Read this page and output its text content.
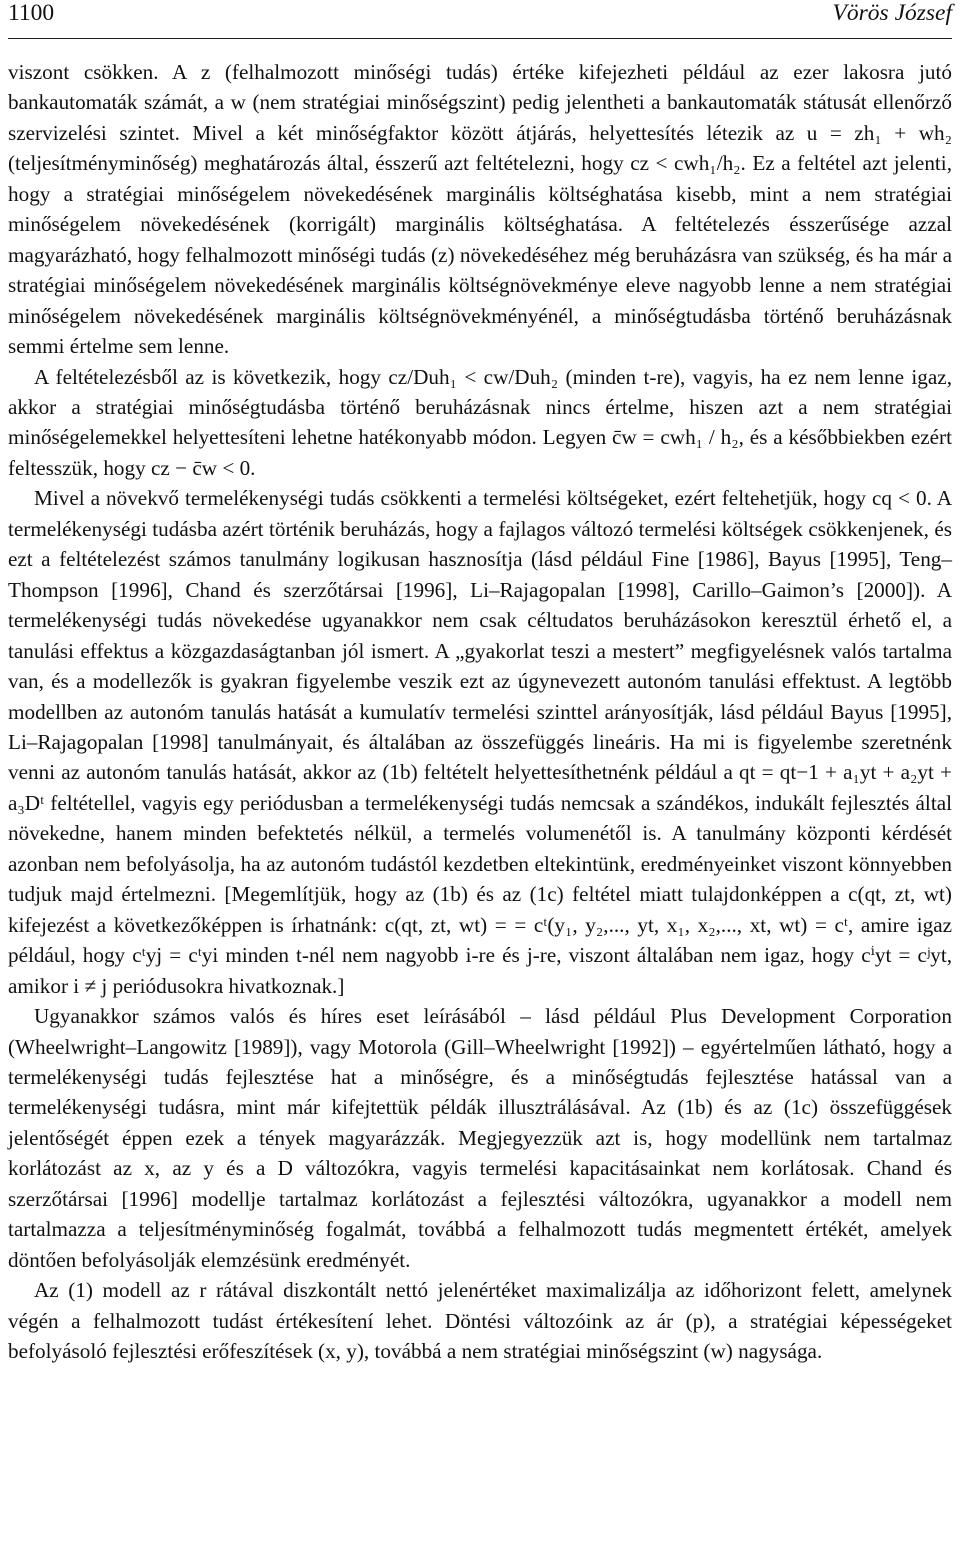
1100	Vörös József

viszont csökken. A z (felhalmozott minőségi tudás) értéke kifejezheti például az ezer lakosra jutó bankautomaták számát, a w (nem stratégiai minőségszint) pedig jelentheti a bankautomaták státusát ellenőrző szervizelési szintet. Mivel a két minőségfaktor között átjárás, helyettesítés létezik az u = zh₁ + wh₂ (teljesítményminőség) meghatározás által, ésszerű azt feltételezni, hogy cz < cwh₁/h₂. Ez a feltétel azt jelenti, hogy a stratégiai minőségelem növekedésének marginális költséghatása kisebb, mint a nem stratégiai minőségelem növekedésének (korrigált) marginális költséghatása. A feltételezés ésszerűsége azzal magyarázható, hogy felhalmozott minőségi tudás (z) növekedéséhez még beruházásra van szükség, és ha már a stratégiai minőségelem növekedésének marginális költségnövekménye eleve nagyobb lenne a nem stratégiai minőségelem növekedésének marginális költségnövekményénél, a minőségtudásba történő beruházásnak semmi értelme sem lenne.

A feltételezésből az is következik, hogy cz/Duh₁ < cw/Duh₂ (minden t-re), vagyis, ha ez nem lenne igaz, akkor a stratégiai minőségtudásba történő beruházásnak nincs értelme, hiszen azt a nem stratégiai minőségelemekkel helyettesíteni lehetne hatékonyabb módon. Legyen c̄w = cwh₁ / h₂, és a későbbiekben ezért feltesszük, hogy cz − c̄w < 0.

Mivel a növekvő termelékenységi tudás csökkenti a termelési költségeket, ezért feltehetjük, hogy cq < 0. A termelékenységi tudásba azért történik beruházás, hogy a fajlagos változó termelési költségek csökkenjenek, és ezt a feltételezést számos tanulmány logikusan hasznosítja (lásd például Fine [1986], Bayus [1995], Teng–Thompson [1996], Chand és szerzőtársai [1996], Li–Rajagopalan [1998], Carillo–Gaimon’s [2000]). A termelékenységi tudás növekedése ugyanakkor nem csak céltudatos beruházásokon keresztül érhető el, a tanulási effektus a közgazdaságtanban jól ismert. A „gyakorlat teszi a mestert” megfigyelésnek valós tartalma van, és a modellezők is gyakran figyelembe veszik ezt az úgynevezett autonóm tanulási effektust. A legtöbb modellben az autonóm tanulás hatását a kumulatív termelési szinttel arányosítják, lásd például Bayus [1995], Li–Rajagopalan [1998] tanulmányait, és általában az összefüggés lineáris. Ha mi is figyelembe szeretnénk venni az autonóm tanulás hatását, akkor az (1b) feltételt helyettesíthetnénk például a qt = qt−1 + a₁yt + a₂yt + a₃Dᵗ feltétellel, vagyis egy periódusban a termelékenységi tudás nemcsak a szándékos, indukált fejlesztés által növekedne, hanem minden befektetés nélkül, a termelés volumenétől is. A tanulmány központi kérdését azonban nem befolyásolja, ha az autonóm tudástól kezdetben eltekintünk, eredményeinket viszont könnyebben tudjuk majd értelmezni. [Megemlítjük, hogy az (1b) és az (1c) feltétel miatt tulajdonképpen a c(qt, zt, wt) kifejezést a következőképpen is írhatnánk: c(qt, zt, wt) = = cᵗ(y₁, y₂,..., yt, x₁, x₂,..., xt, wt) = cᵗ, amire igaz például, hogy cᵗyj = cᵗyi minden t-nél nem nagyobb i-re és j-re, viszont általában nem igaz, hogy cⁱyt = cʲyt, amikor i ≠ j periódusokra hivatkoznak.]

Ugyanakkor számos valós és híres eset leírásából – lásd például Plus Development Corporation (Wheelwright–Langowitz [1989]), vagy Motorola (Gill–Wheelwright [1992]) – egyértelműen látható, hogy a termelékenységi tudás fejlesztése hat a minőségre, és a minőségtudás fejlesztése hatással van a termelékenységi tudásra, mint már kifejtettük példák illusztrálásával. Az (1b) és az (1c) összefüggések jelentőségét éppen ezek a tények magyarázzák. Megjegyezzük azt is, hogy modellünk nem tartalmaz korlátozást az x, az y és a D változókra, vagyis termelési kapacitásainkat nem korlátosak. Chand és szerzőtársai [1996] modellje tartalmaz korlátozást a fejlesztési változókra, ugyanakkor a modell nem tartalmazza a teljesítményminőség fogalmát, továbbá a felhalmozott tudás megmentett értékét, amelyek döntően befolyásolják elemzésünk eredményét.

Az (1) modell az r rátával diszkontált nettó jelenértéket maximalizálja az időhorizont felett, amelynek végén a felhalmozott tudást értékesítení lehet. Döntési változóink az ár (p), a stratégiai képességeket befolyásoló fejlesztési erőfeszítések (x, y), továbbá a nem stratégiai minőségszint (w) nagysága.
